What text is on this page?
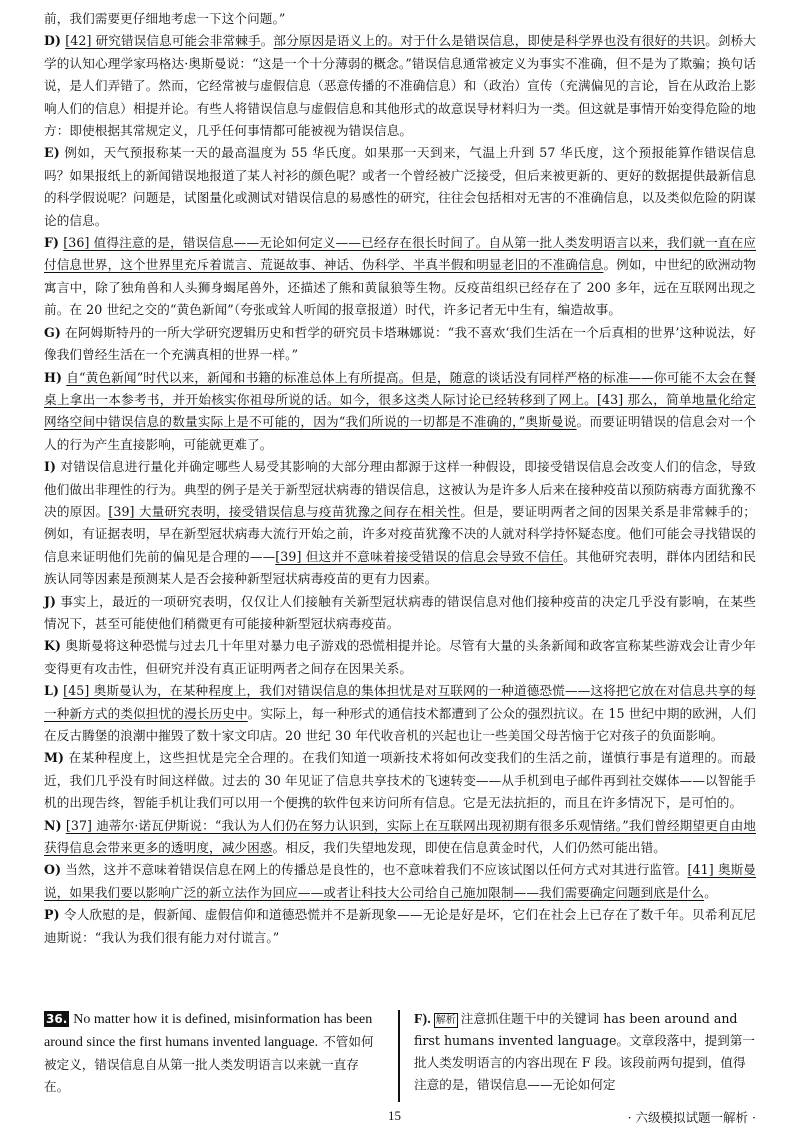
前，我们需要更仔细地考虑一下这个问题。”

D) [42] 研究错误信息可能会非常棘手。部分原因是语义上的。对于什么是错误信息，即使是科学界也没有很好的共识。剑桥大学的认知心理学家玛格达·奥斯曼说：“这是一个十分薄弱的概念。”错误信息通常被定义为事实不准确，但不是为了欺骗；换句话说，是人们弄错了。然而，它经常被与虚假信息（恶意传播的不准确信息）和（政治）宣传（充满偏见的言论，旨在从政治上影响人们的信息）相提并论。有些人将错误信息与虚假信息和其他形式的故意误导材料归为一类。但这就是事情开始变得危险的地方：即使根据其常规定义，几乎任何事情都可能被视为错误信息。

E) 例如，天气预报称某一天的最高温度为 55 华氏度。如果那一天到来，气温上升到 57 华氏度，这个预报能算作错误信息吗？如果报纸上的新闻错误地报道了某人衬衫的颜色呢？或者一个曾经被广泛接受，但后来被更新的、更好的数据提供最新信息的科学假说呢？问题是，试图量化或测试对错误信息的易感性的研究，往往会包括相对无害的不准确信息，以及类似危险的阴谋论的信息。

F) [36] 值得注意的是，错误信息——无论如何定义——已经存在很长时间了。自从第一批人类发明语言以来，我们就一直在应付信息世界，这个世界里充斥着谎言、荒诞故事、神话、伪科学、半真半假和明显老旧的不准确信息。例如，中世纪的欧洲动物寓言中，除了独角兽和人头狮身蝎尾兽外，还描述了熊和黄鼠狼等生物。反疫苗组织已经存在了 200 多年，远在互联网出现之前。在 20 世纪之交的“黄色新闻”（夸张或耸人听闻的报章报道）时代，许多记者无中生有，编造故事。

G) 在阿姆斯特丹的一所大学研究逻辑历史和哲学的研究员卡塔琳娜说：“我不喜欢‘我们生活在一个后真相的世界’这种说法，好像我们曾经生活在一个充满真相的世界一样。”

H) 自“黄色新闻”时代以来，新闻和书籍的标准总体上有所提高。但是，随意的谈话没有同样严格的标准——你可能不太会在餐桌上拿出一本参考书，并开始核实你祖母所说的话。如今，很多这类人际讨论已经转移到了网上。[43] 那么，简单地量化给定网络空间中错误信息的数量实际上是不可能的，因为“我们所说的一切都是不准确的，”奥斯曼说。而要证明错误的信息会对一个人的行为产生直接影响，可能就更难了。

I) 对错误信息进行量化并确定哪些人易受其影响的大部分理由都源于这样一种假设，即接受错误信息会改变人们的信念，导致他们做出非理性的行为。典型的例子是关于新型冠状病毒的错误信息，这被认为是许多人后来在接种疫苗以预防病毒方面犹豫不决的原因。[39] 大量研究表明，接受错误信息与疫苗犹豫之间存在相关性。但是，要证明两者之间的因果关系是非常棘手的；例如，有证据表明，早在新型冠状病毒大流行开始之前，许多对疫苗犹豫不决的人就对科学持怀疑态度。他们可能会寻找错误的信息来证明他们先前的偏见是合理的——[39] 但这并不意味着接受错误的信息会导致不信任。其他研究表明，群体内团结和民族认同等因素是预测某人是否会接种新型冠状病毒疫苗的更有力因素。

J) 事实上，最近的一项研究表明，仅仅让人们接触有关新型冠状病毒的错误信息对他们接种疫苗的决定几乎没有影响，在某些情况下，甚至可能使他们稍微更有可能接种新型冠状病毒疫苗。

K) 奥斯曼将这种恐慌与过去几十年里对暴力电子游戏的恐慌相提并论。尽管有大量的头条新闻和政客宣称某些游戏会让青少年变得更有攻击性，但研究并没有真正证明两者之间存在因果关系。

L) [45] 奥斯曼认为，在某种程度上，我们对错误信息的集体担忧是对互联网的一种道德恐慌——这将把它放在对信息共享的每一种新方式的类似担忧的漫长历史中。实际上，每一种形式的通信技术都遭到了公众的强烈抗议。在 15 世纪中期的欧洲，人们在反古腾堡的浪潮中摧毁了数十家文印店。20 世纪 30 年代收音机的兴起也让一些美国父母苦恼于它对孩子的负面影响。

M) 在某种程度上，这些担忧是完全合理的。在我们知道一项新技术将如何改变我们的生活之前，谨慎行事是有道理的。而最近，我们几乎没有时间这样做。过去的 30 年见证了信息共享技术的飞速转变——从手机到电子邮件再到社交媒体——以智能手机的出现告终，智能手机让我们可以用一个便携的软件包来访问所有信息。它是无法抗拒的，而且在许多情况下，是可怕的。

N) [37] 迪蒂尔·诺瓦伊斯说：“我认为人们仍在努力认识到，实际上在互联网出现初期有很多乐观情绪。”我们曾经期望更自由地获得信息会带来更多的透明度，减少困惑。相反，我们失望地发现，即使在信息黄金时代，人们仍然可能出错。

O) 当然，这并不意味着错误信息在网上的传播总是良性的，也不意味着我们不应该试图以任何方式对其进行监管。[41] 奥斯曼说，如果我们要以影响广泛的新立法作为回应——或者让科技大公司给自己施加限制——我们需要确定问题到底是什么。

P) 令人欣慰的是，假新闻、虚假信仰和道德恐慌并不是新现象——无论是好是坏，它们在社会上已存在了数千年。贝希利瓦尼迪斯说：“我认为我们很有能力对付谎言。”

36. No matter how it is defined, misinformation has been around since the first humans invented language. 不管如何被定义，错误信息自从第一批人类发明语言以来就一直存在。
F). 解析 注意抓住题干中的关键词 has been around and first humans invented language。文章段落中，提到第一批人类发明语言的内容出现在 F 段。该段前两句提到，值得注意的是，错误信息——无论如何定
15	· 六级模拟试题一解析 ·
